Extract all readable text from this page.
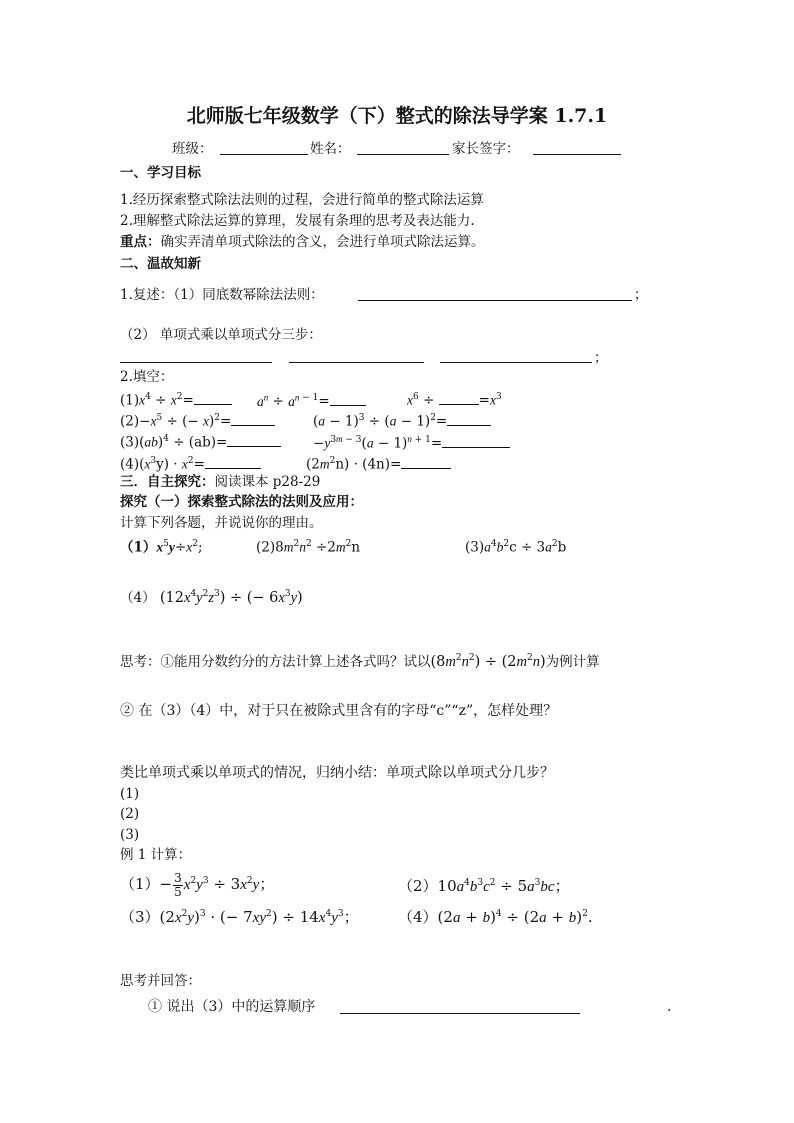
北师版七年级数学（下）整式的除法导学案 1.7.1
班级：	姓名：	家长签字：
一、学习目标
1.经历探索整式除法法则的过程，会进行简单的整式除法运算
2.理解整式除法运算的算理，发展有条理的思考及表达能力.
重点：确实弄清单项式除法的含义，会进行单项式除法运算。
二、温故知新
1.复述：（1）同底数幂除法法则：	；
（2） 单项式乘以单项式分三步：
；
2.填空：
$(1)x^4 \div x^2=$	$a^n \div a^n$ $^{- 1}$=	$x^6$ ÷	$=x^3$
$(2)-x^5$ ÷ (− x)$^2$=	$(a - 1)^3 \div (a - 1)^2=$
(3)(ab)$^4$ ÷ (ab)=	$-y^{3m - 3}(a - 1)^{n + 1}=$
$(4)(x^3y) \cdot x^2=$	$(2m^2n) \cdot (4n)=$
三．自主探究：阅读课本 p28-29
探究（一）探索整式除法的法则及应用：
计算下列各题，并说说你的理由。
$(1)x^5y\div x^2$;	$(2)8m^2n^2 \div 2m^2n$	$(3)a^4b^2c \div 3a^2b$
（4） $(12x^4y^2z^3)$ ÷ (− $6x^3y$)
思考：①能用分数约分的方法计算上述各式吗？试以$(8m^2n^2) \div (2m^2n)$为例计算
② 在（3）（4）中，对于只在被除式里含有的字母“c”“z”，怎样处理？
类比单项式乘以单项式的情况，归纳小结：单项式除以单项式分几步？
(1)
(2)
(3)
例 1 计算：
$(1)- \frac{3}{5} x^2y^3 \div 3x^2y$；	$(2)10a^4b^3c^2 \div 5a^3bc$；
$(3)(2x^2y)^3$ · (− $7xy^2) \div 14x^4y^3$；	$(4)(2a + b)^4 \div (2a + b)^2$.
思考并回答：
① 说出（3）中的运算顺序	.
